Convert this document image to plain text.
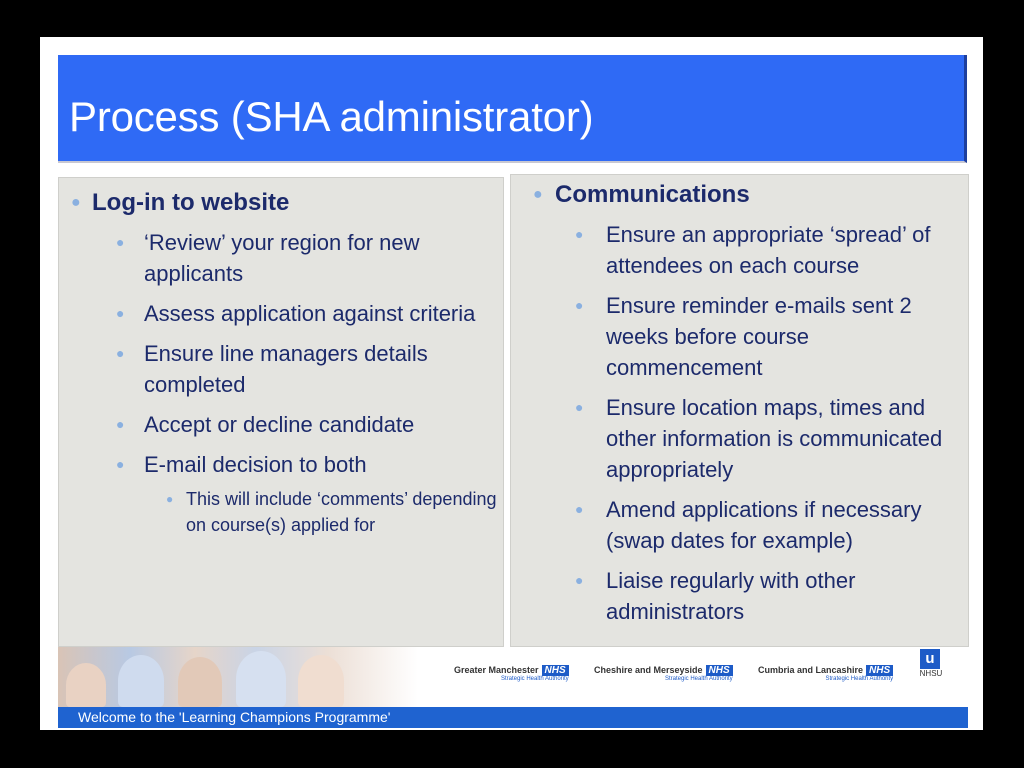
Process (SHA administrator)
● Log-in to website
● ‘Review’ your region for new applicants
● Assess application against criteria
● Ensure line managers details completed
● Accept or decline candidate
● E-mail decision to both
● This will include ‘comments’ depending on course(s) applied for
● Communications
● Ensure an appropriate ‘spread’ of attendees on each course
● Ensure reminder e-mails sent 2 weeks before course commencement
● Ensure location maps, times and other information is communicated appropriately
● Amend applications if necessary (swap dates for example)
● Liaise regularly with other administrators
Greater Manchester NHS
Strategic Health Authority
Cheshire and Merseyside NHS
Strategic Health Authority
Cumbria and Lancashire NHS
Strategic Health Authority
u
NHSU
Welcome to the 'Learning Champions Programme'
